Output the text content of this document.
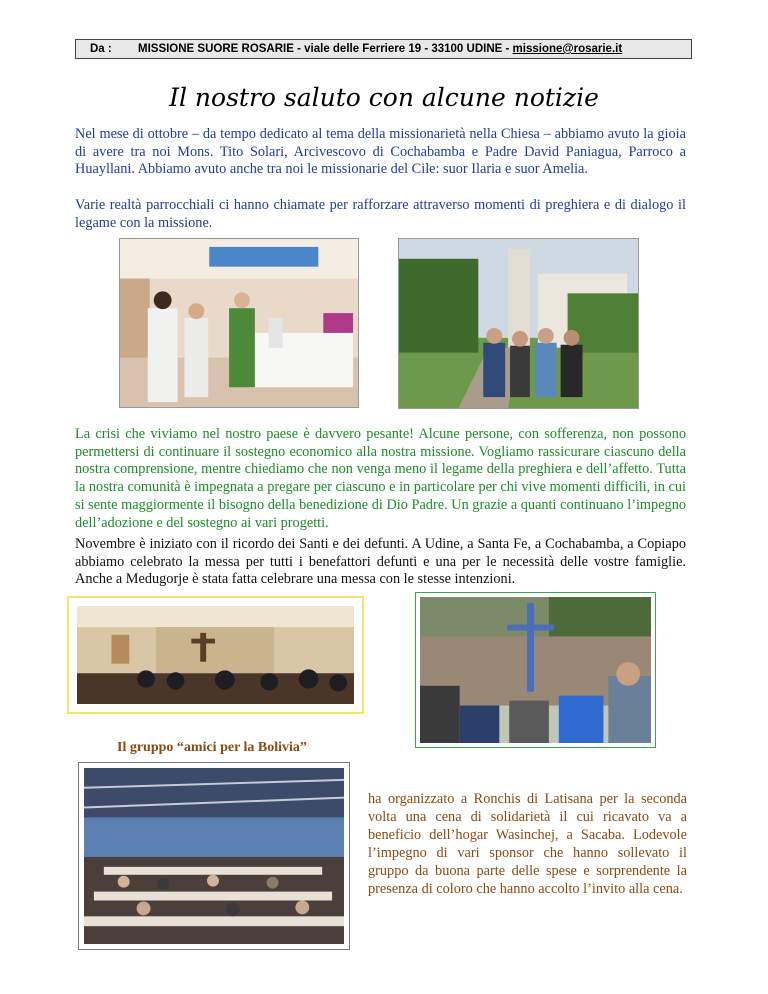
Da : MISSIONE SUORE ROSARIE - viale delle Ferriere 19 - 33100 UDINE - missione@rosarie.it
Il nostro saluto con alcune notizie

Nel mese di ottobre – da tempo dedicato al tema della missionarietà nella Chiesa – abbiamo avuto la gioia di avere tra noi Mons. Tito Solari, Arcivescovo di Cochabamba e Padre David Paniagua, Parroco a Huayllani. Abbiamo avuto anche tra noi le missionarie del Cile: suor Ilaria e suor Amelia.

Varie realtà parrocchiali ci hanno chiamate per rafforzare attraverso momenti di preghiera e di dialogo il legame con la missione.

La crisi che viviamo nel nostro paese è davvero pesante! Alcune persone, con sofferenza, non possono permettersi di continuare il sostegno economico alla nostra missione. Vogliamo rassicurare ciascuno della nostra comprensione, mentre chiediamo che non venga meno il legame della preghiera e dell’affetto. Tutta la nostra comunità è impegnata a pregare per ciascuno e in particolare per chi vive momenti difficili, in cui si sente maggiormente il bisogno della benedizione di Dio Padre. Un grazie a quanti continuano l’impegno dell’adozione e del sostegno ai vari progetti.

Novembre è iniziato con il ricordo dei Santi e dei defunti. A Udine, a Santa Fe, a Cochabamba, a Copiapo abbiamo celebrato la messa per tutti i benefattori defunti e una per le necessità delle vostre famiglie. Anche a Medugorje è stata fatta celebrare una messa con le stesse intenzioni.

Il gruppo “amici per la Bolivia”

ha organizzato a Ronchis di Latisana per la seconda volta una cena di solidarietà il cui ricavato va a beneficio dell’hogar Wasinchej, a Sacaba. Lodevole l’impegno di vari sponsor che hanno sollevato il gruppo da buona parte delle spese e sorprendente la presenza di coloro che hanno accolto l’invito alla cena.
